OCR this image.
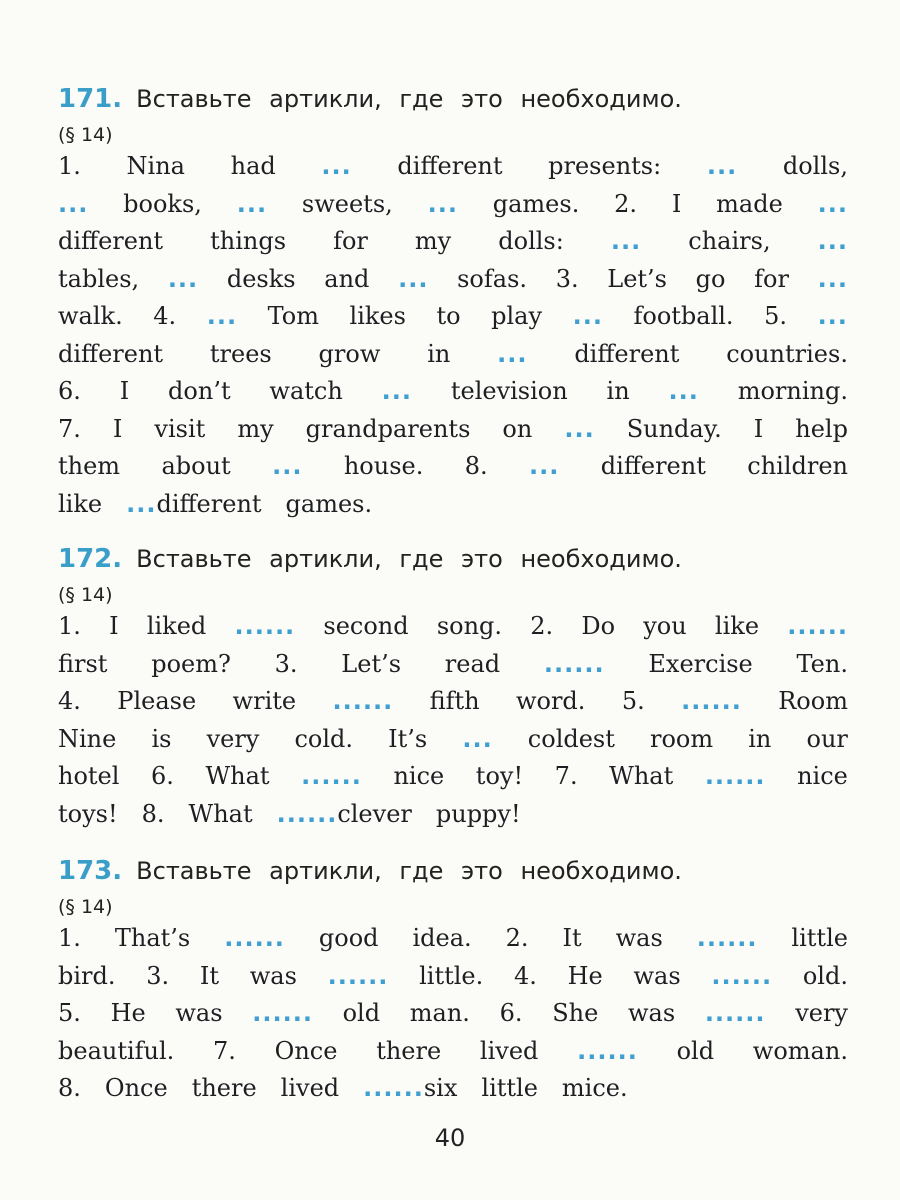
171. Вставьте артикли, где это необходимо.
(§ 14)
1. Nina had ... different presents: ... dolls,
... books, ... sweets, ... games. 2. I made ...
different things for my dolls: ... chairs, ...
tables, ... desks and ... sofas. 3. Let’s go for ...
walk. 4. ... Tom likes to play ... football. 5. ...
different trees grow in ... different countries.
6. I don’t watch ... television in ... morning.
7. I visit my grandparents on ... Sunday. I help
them about ... house. 8. ... different children
like ... different games.
172. Вставьте артикли, где это необходимо.
(§ 14)
1. I liked ...... second song. 2. Do you like ......
first poem? 3. Let’s read ...... Exercise Ten.
4. Please write ...... fifth word. 5. ...... Room
Nine is very cold. It’s ... coldest room in our
hotel 6. What ...... nice toy! 7. What ...... nice
toys! 8. What ...... clever puppy!
173. Вставьте артикли, где это необходимо.
(§ 14)
1. That’s ...... good idea. 2. It was ...... little
bird. 3. It was ...... little. 4. He was ...... old.
5. He was ...... old man. 6. She was ...... very
beautiful. 7. Once there lived ...... old woman.
8. Once there lived ...... six little mice.
40
